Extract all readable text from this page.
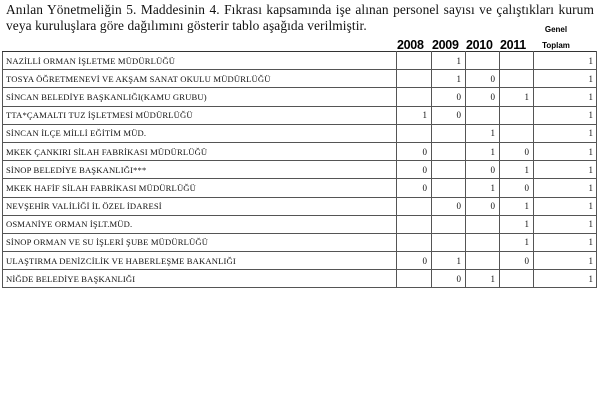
Anılan Yönetmeliğin 5. Maddesinin 4. Fıkrası kapsamında işe alınan personel sayısı ve çalıştıkları kurum veya kuruluşlara göre dağılımını gösterir tablo aşağıda verilmiştir.
2008 2009 2010 2011
Genel
Toplam
NAZİLLİ ORMAN İŞLETME MÜDÜRLÜĞÜ		1			1
TOSYA ÖĞRETMENEVİ VE AKŞAM SANAT OKULU MÜDÜRLÜĞÜ		1	0		1
SİNCAN BELEDİYE BAŞKANLIĞI(KAMU GRUBU)		0	0	1	1
TTA*ÇAMALTI TUZ İŞLETMESİ MÜDÜRLÜĞÜ	1	0			1
SİNCAN İLÇE MİLLİ EĞİTİM MÜD.			1		1
MKEK ÇANKIRI SİLAH FABRİKASI MÜDÜRLÜĞÜ	0		1	0	1
SİNOP BELEDİYE BAŞKANLIĞI***	0		0	1	1
MKEK HAFİF SİLAH FABRİKASI MÜDÜRLÜĞÜ	0		1	0	1
NEVŞEHİR VALİLİĞİ İL ÖZEL İDARESİ		0	0	1	1
OSMANİYE ORMAN İŞLT.MÜD.				1	1
SİNOP ORMAN VE SU İŞLERİ ŞUBE MÜDÜRLÜĞÜ				1	1
ULAŞTIRMA DENİZCİLİK VE HABERLEŞME BAKANLIĞI	0	1		0	1
NİĞDE BELEDİYE BAŞKANLIĞI		0	1		1
